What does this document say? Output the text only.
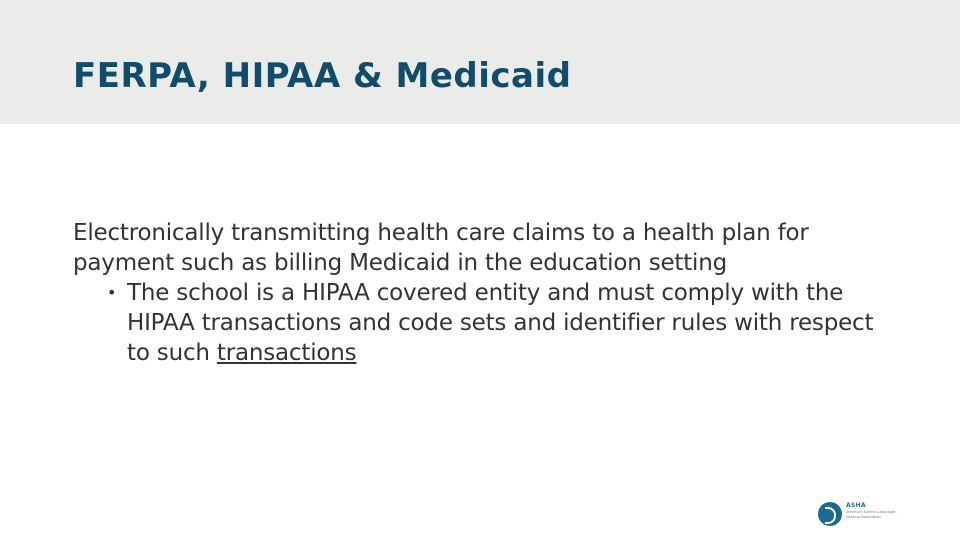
FERPA, HIPAA & Medicaid

Electronically transmitting health care claims to a health plan for payment such as billing Medicaid in the education setting

• The school is a HIPAA covered entity and must comply with the HIPAA transactions and code sets and identifier rules with respect to such transactions
ASHA
American Speech-Language-Hearing Association
